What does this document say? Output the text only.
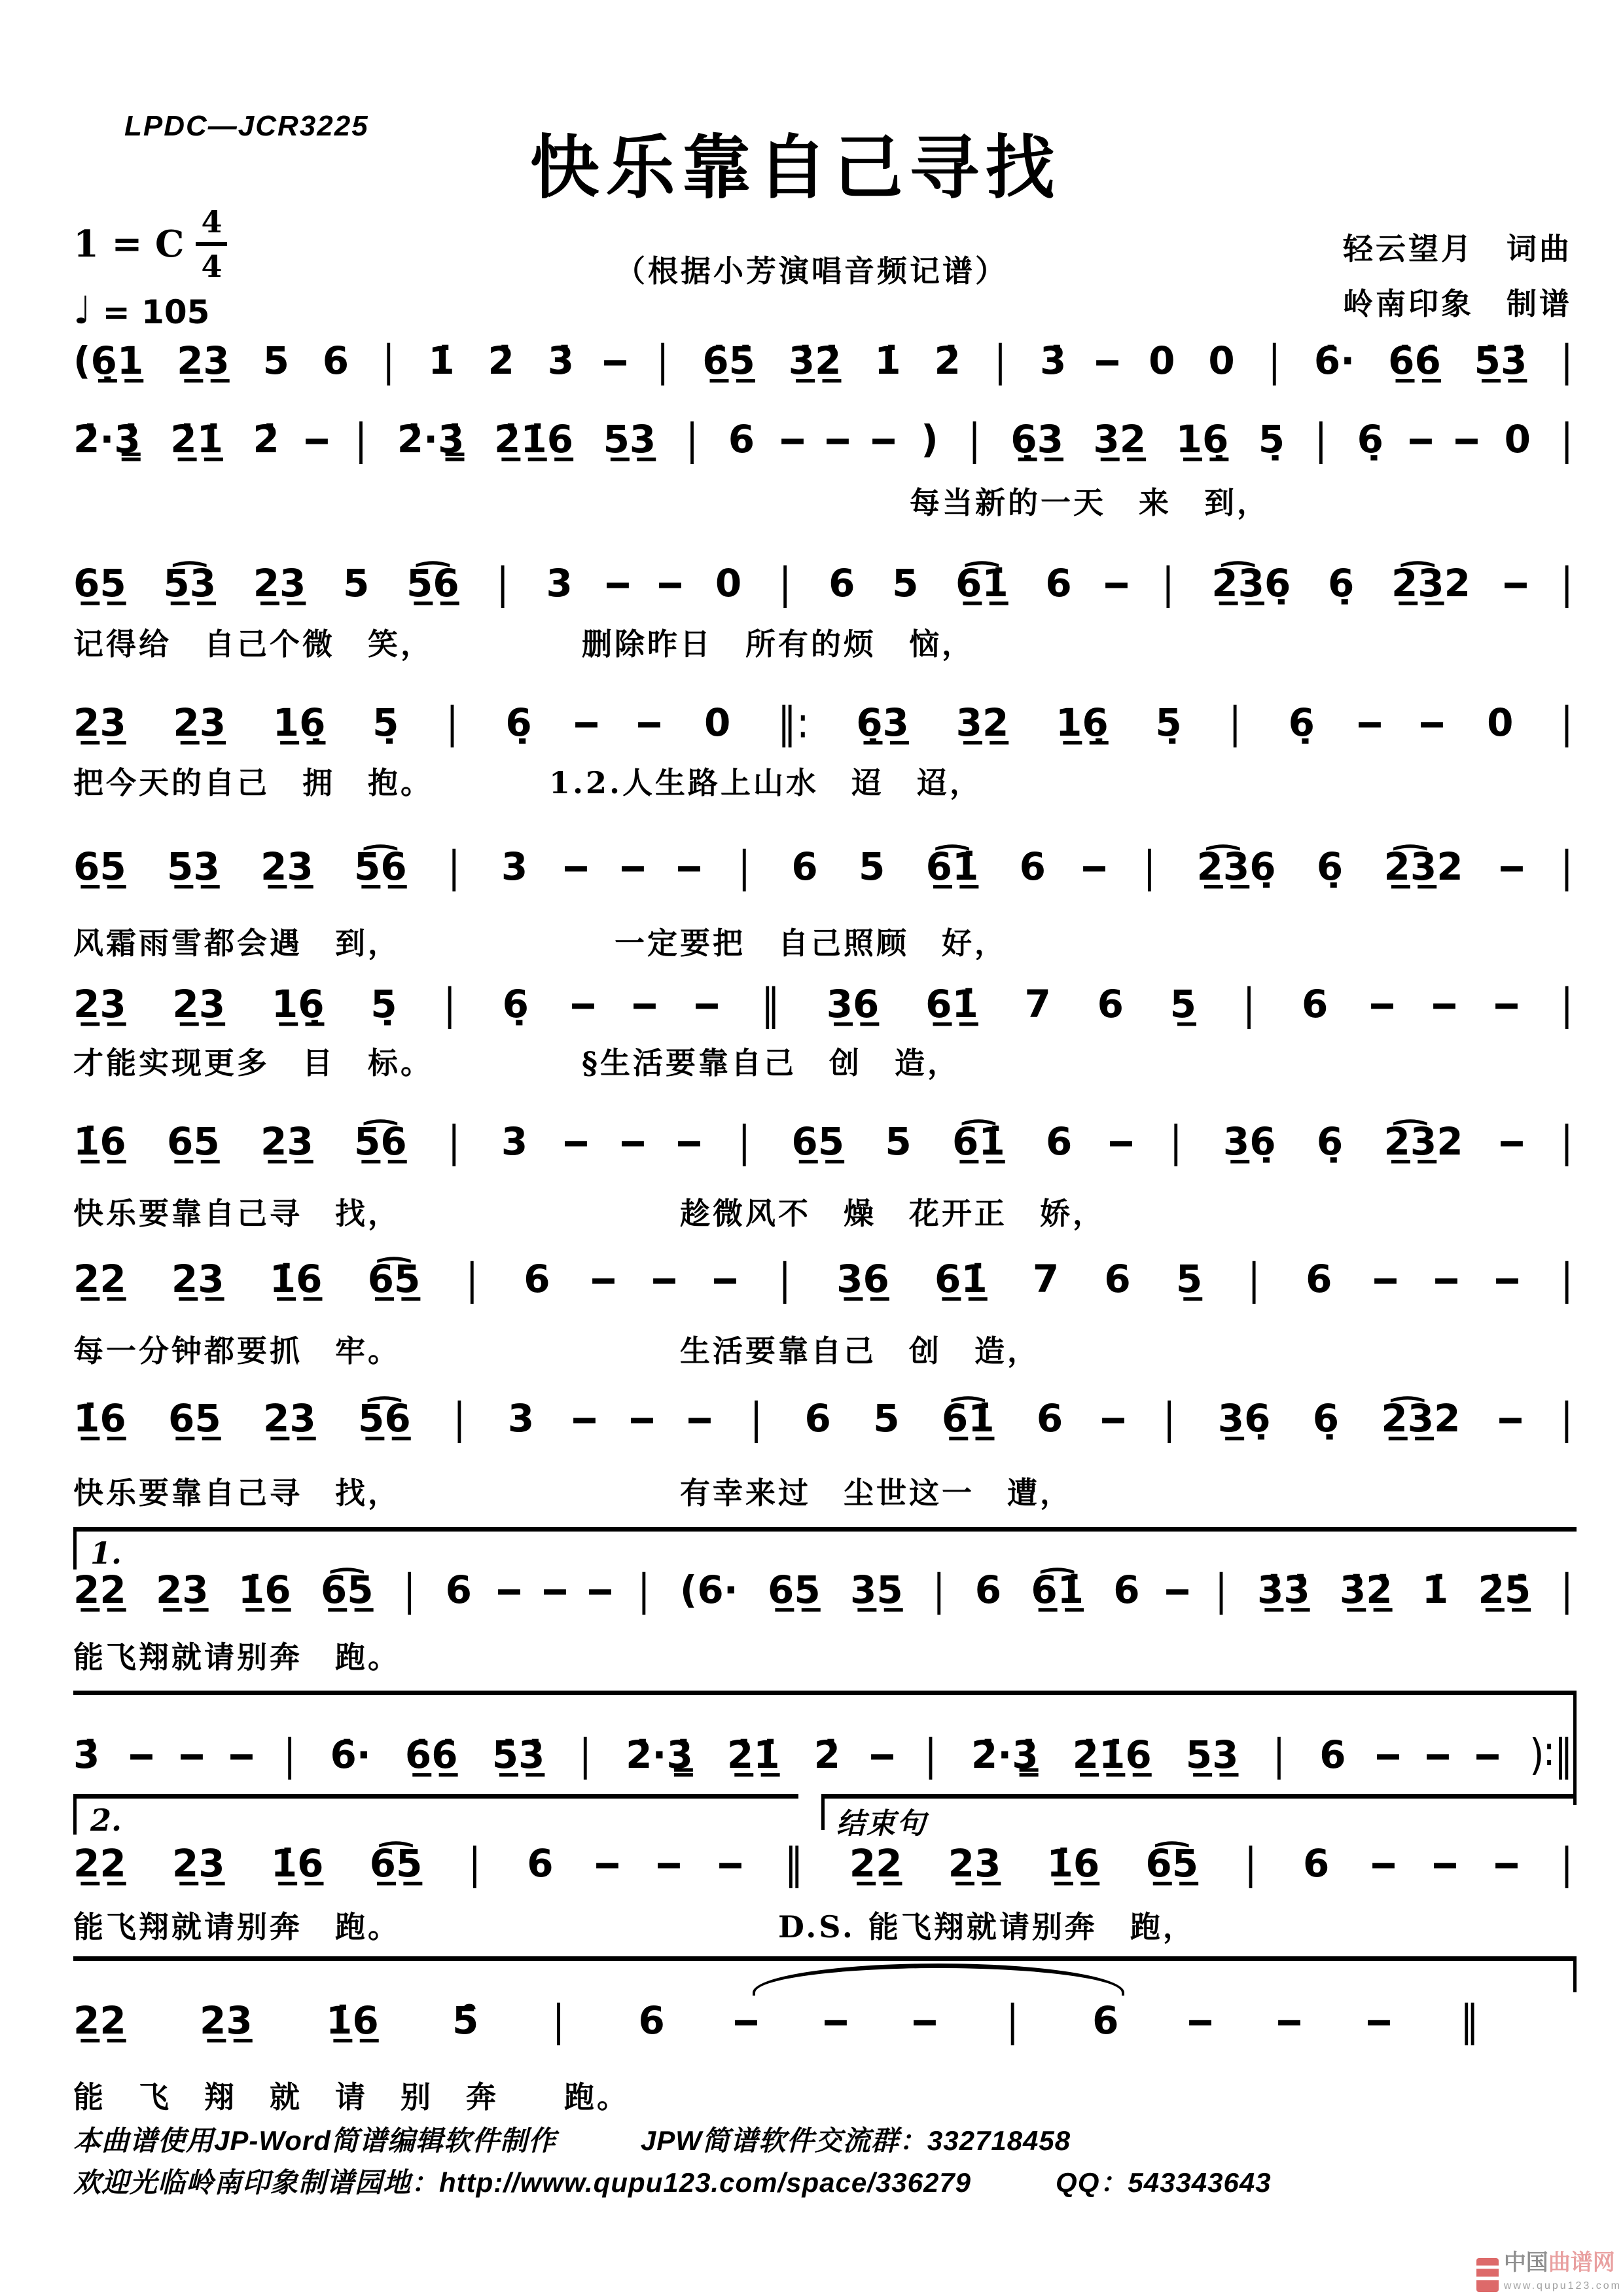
LPDC—JCR3225
快乐靠自己寻找
1 = C $\frac{4}{4}$
♩ = 105
（根据小芳演唱音频记谱）
轻云望月　词曲
岭南印象　制谱
(6̣̲1̲ 2̲3̲ 5 6 | 1̇ 2̇ 3̇ - | 6̲̇5̲̇ 3̲̇2̲̇ 1̇ 2̇ | 3̇ - 0 0 | 6̇· 6̲̇6̲̇ 5̲̇3̲̇ |
2̇·3̳̇ 2̲̇1̲̇ 2̇ - | 2̇·3̳̇ 2̲̇1̲̇6̲ 5̲3̲ | 6 - - - ) | 6̣̲3̲ 3̲2̲ 1̲6̣̲ 5̣ | 6̣ - - 0 |
每当新的一天　来　到，
6̲5̲ 5̲͡3̲ 2̲3̲ 5 5̲͡6̲ | 3 - - 0 | 6 5 6̲͡1̲̇ 6 - | 2̲͡3̲6̣ 6̣ 2̲͡3̲2 - |
记得给　自己个微　笑，　　　　　删除昨日　所有的烦　恼，
2̲3̲ 2̲3̲ 1̲6̣̲ 5̣ | 6̣ - - 0 ‖: 6̣̲3̲ 3̲2̲ 1̲6̣̲ 5̣ | 6̣ - - 0 |
把今天的自己　拥　抱。　　　　1.2.人生路上山水　迢　迢，
6̲5̲ 5̲3̲ 2̲3̲ 5̲͡6̲ | 3 - - - | 6 5 6̲͡1̲̇ 6 - | 2̲͡3̲6̣ 6̣ 2̲͡3̲2 - |
风霜雨雪都会遇　到，　　　　　　　一定要把　自己照顾　好，
2̲3̲ 2̲3̲ 1̲6̣̲ 5̣ | 6̣ - - - ‖ 3̲6̲ 6̲1̲̇ 7 6 5̲ | 6 - - - |
才能实现更多　目　标。　　　　　§生活要靠自己　创　造，
1̲̇6̲ 6̲5̲ 2̲3̲ 5̲͡6̲ | 3 - - - | 6̲5̲ 5 6̲͡1̲̇ 6 - | 3̲6̣ 6̣ 2̲͡3̲2 - |
快乐要靠自己寻　找，　　　　　　　　　趁微风不　燥　花开正　娇，
2̲2̲ 2̲3̲ 1̲̇6̲ 6̲͡5̲ | 6 - - - | 3̲6̲ 6̲1̲̇ 7 6 5̲ | 6 - - - |
每一分钟都要抓　牢。　　　　　　　　　生活要靠自己　创　造，
1̲̇6̲ 6̲5̲ 2̲3̲ 5̲͡6̲ | 3 - - - | 6 5 6̲͡1̲̇ 6 - | 3̲6̣ 6̣ 2̲͡3̲2 - |
快乐要靠自己寻　找，　　　　　　　　　有幸来过　尘世这一　遭，
1.
2̲2̲ 2̲3̲ 1̲̇6̲ 6̲͡5̲ | 6 - - - | (6· 6̲5̲ 3̲5̲ | 6 6̲͡1̲̇ 6 - | 3̲̇3̲̇ 3̲̇2̲̇ 1̇ 2̲̇5̲̇ |
能飞翔就请别奔　跑。
3̇ - - - | 6̇· 6̲̇6̲̇ 5̲̇3̲̇ | 2̇·3̳̇ 2̲̇1̲̇ 2̇ - | 2̇·3̳̇ 2̲̇1̲̇6̲ 5̲3̲ | 6 - - - )∶‖
2.	结束句
2̲2̲ 2̲3̲ 1̲̇6̲ 6̲͡5̲ | 6 - - - ‖ 2̲2̲ 2̲3̲ 1̲̇6̲ 6̲͡5̲ | 6 - - - |
能飞翔就请别奔　跑。　　　　　　　　　　　　D.S. 能飞翔就请别奔　跑，
2̲2̲ 2̲3̲ 1̲̇6̲ 5̑ | 6 - - - | 6 - - - ‖
能　飞　翔　就　请　别　奔　　跑。
本曲谱使用JP-Word简谱编辑软件制作　　　JPW简谱软件交流群：332718458
欢迎光临岭南印象制谱园地：http://www.qupu123.com/space/336279　　　QQ：543343643
中国曲谱网
www.qupu123.com
